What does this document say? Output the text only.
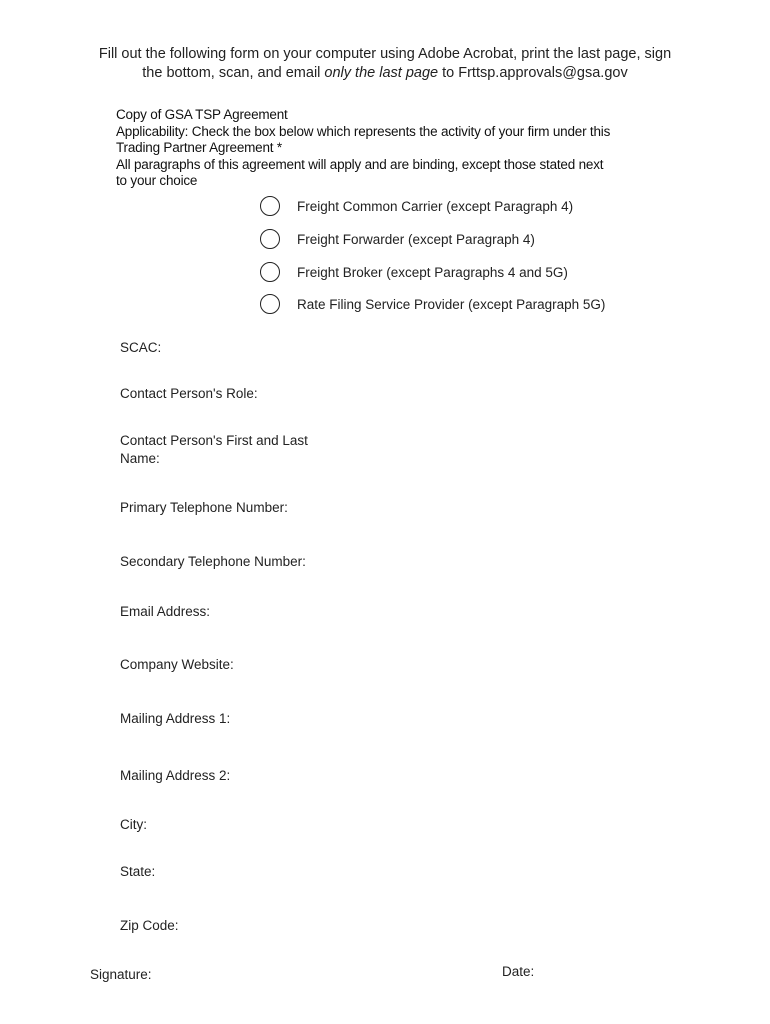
Fill out the following form on your computer using Adobe Acrobat, print the last page, sign
the bottom, scan, and email only the last page to Frttsp.approvals@gsa.gov
Copy of GSA TSP Agreement
Applicability: Check the box below which represents the activity of your firm under this
Trading Partner Agreement *
All paragraphs of this agreement will apply and are binding, except those stated next
to your choice
Freight Common Carrier (except Paragraph 4)
Freight Forwarder (except Paragraph 4)
Freight Broker (except Paragraphs 4 and 5G)
Rate Filing Service Provider (except Paragraph 5G)
SCAC:
Contact Person's Role:
Contact Person's First and Last
Name:
Primary Telephone Number:
Secondary Telephone Number:
Email Address:
Company Website:
Mailing Address 1:
Mailing Address 2:
City:
State:
Zip Code:
Signature:	Date:
